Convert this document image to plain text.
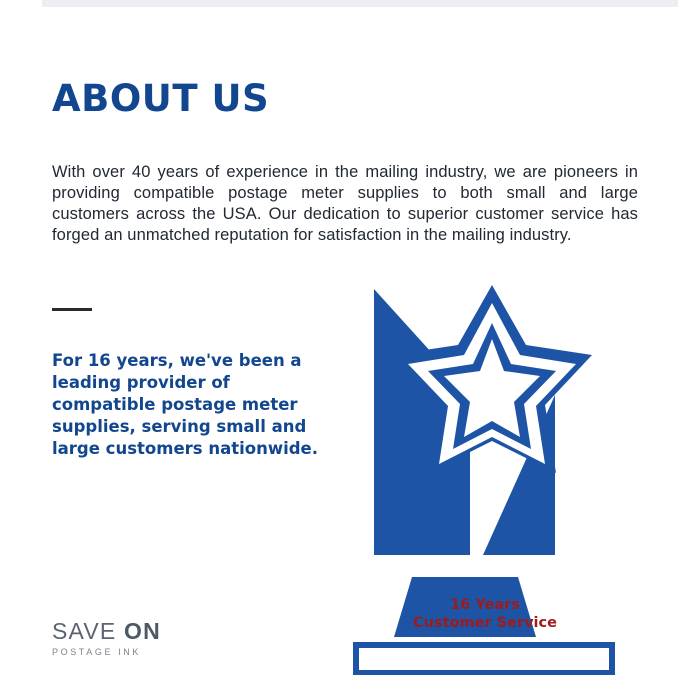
ABOUT US

With over 40 years of experience in the mailing industry, we are pioneers in providing compatible postage meter supplies to both small and large customers across the USA. Our dedication to superior customer service has forged an unmatched reputation for satisfaction in the mailing industry.

For 16 years, we've been a leading provider of compatible postage meter supplies, serving small and large customers nationwide.

SAVE ON
POSTAGE INK
16 Years
Customer Service
